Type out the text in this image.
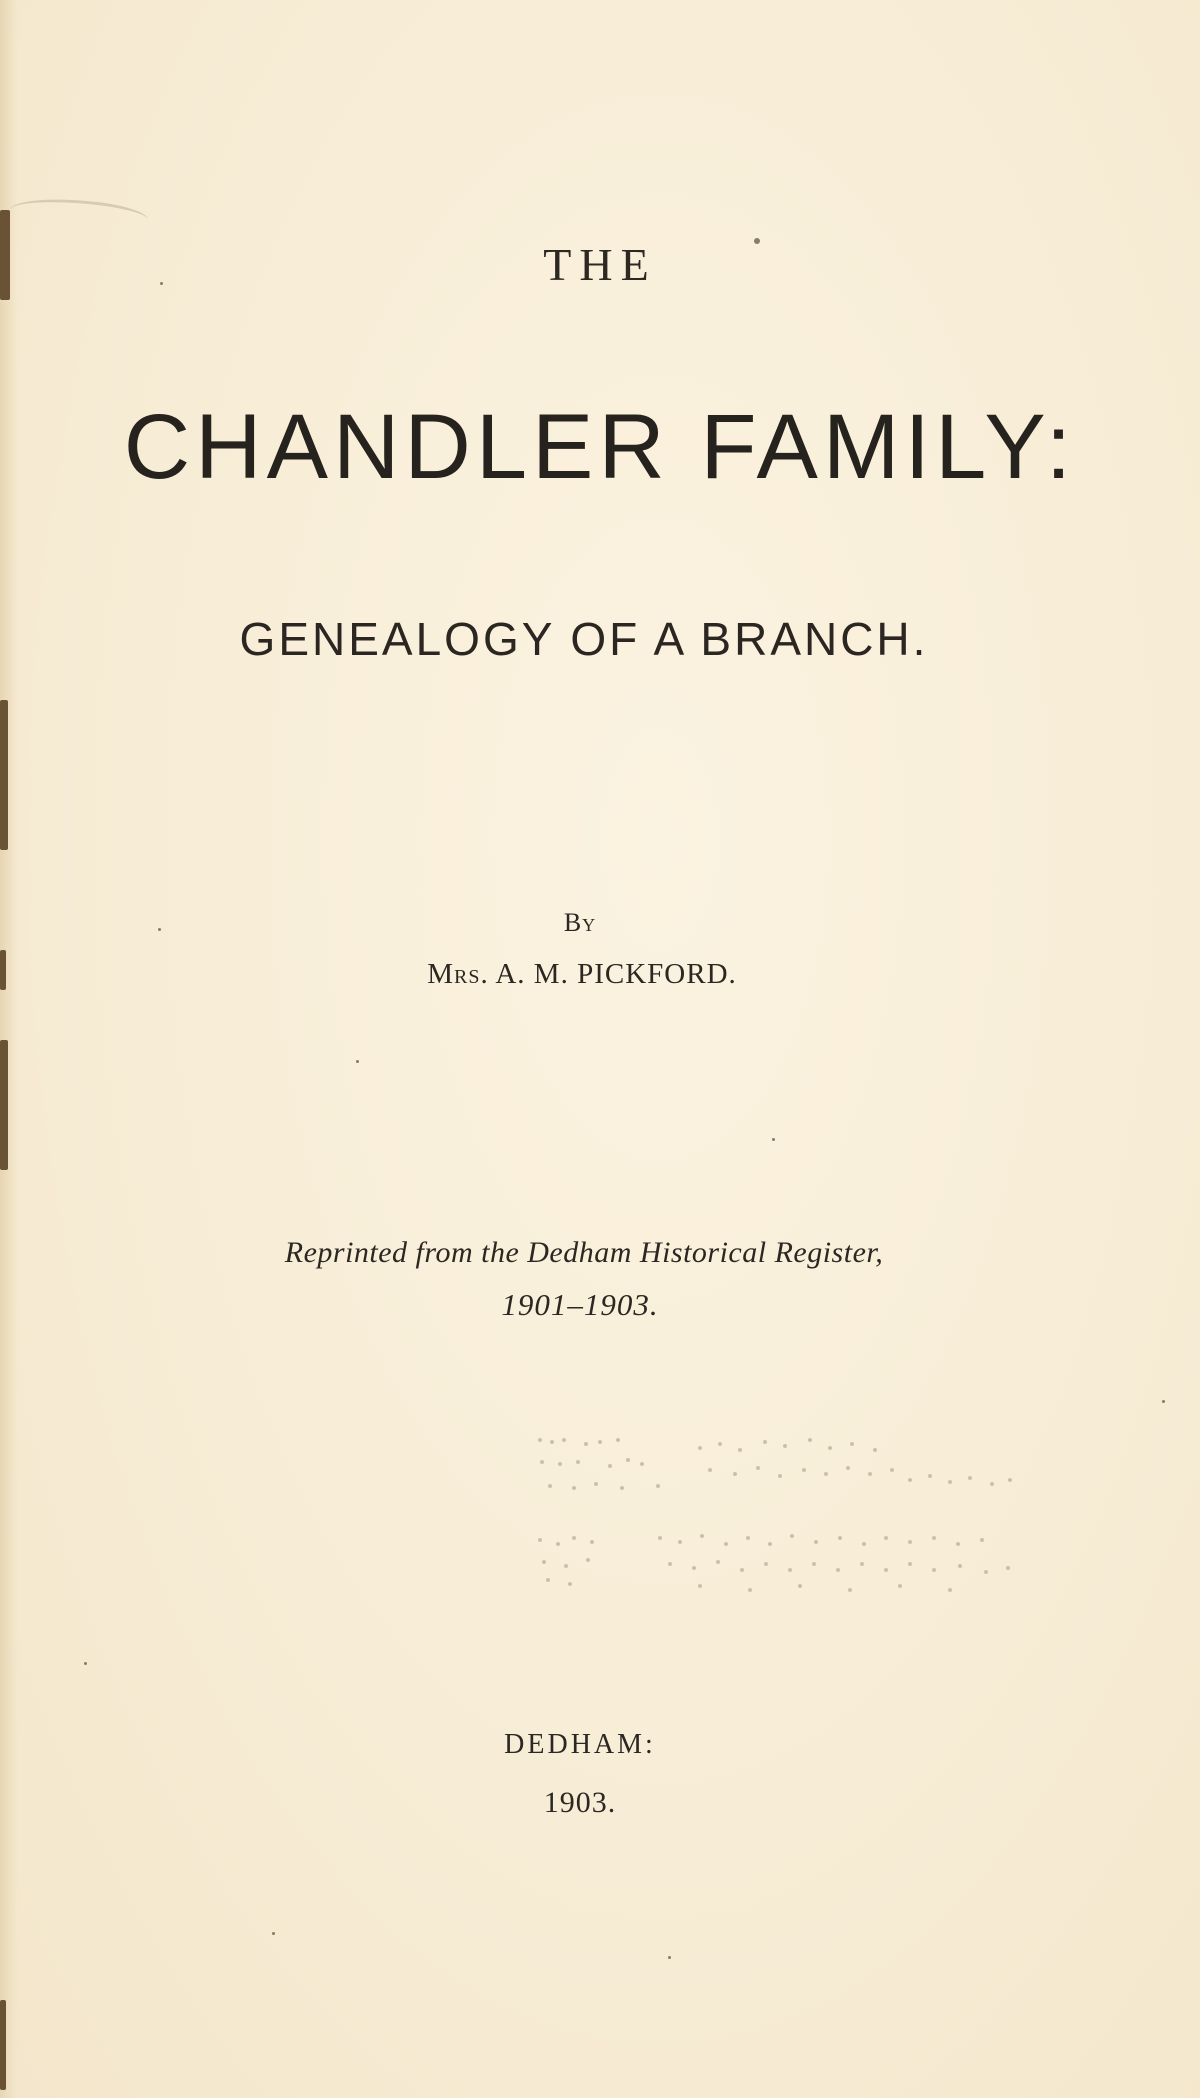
THE
CHANDLER FAMILY:
GENEALOGY OF A BRANCH.
By
Mrs. A. M. PICKFORD.
Reprinted from the Dedham Historical Register,
1901–1903.
DEDHAM:
1903.
